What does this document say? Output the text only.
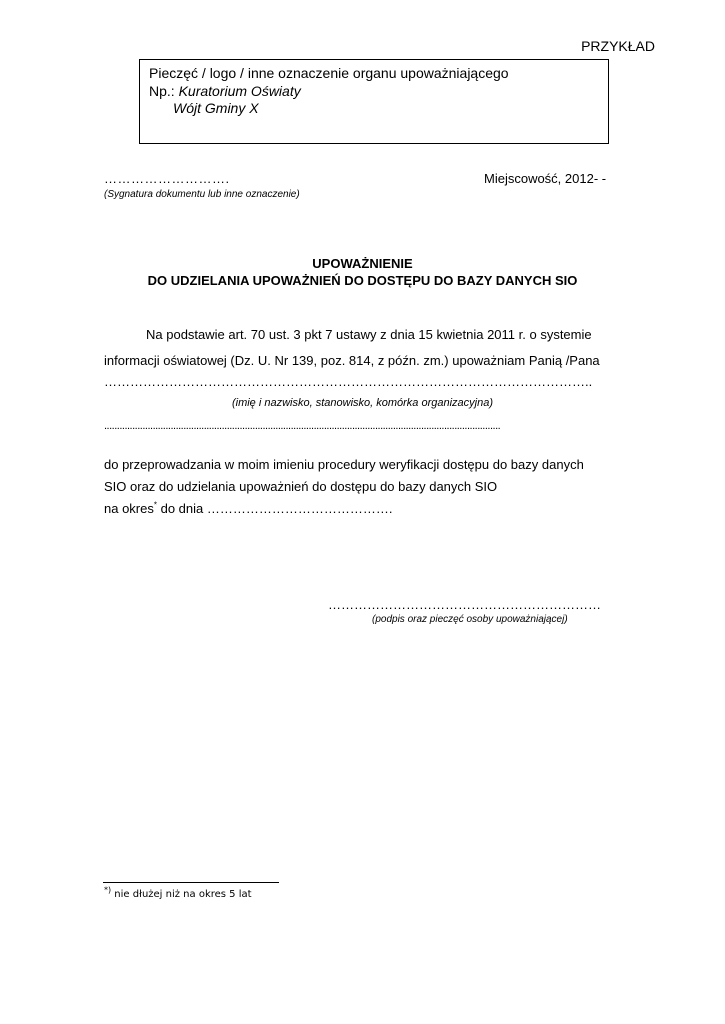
PRZYKŁAD
Pieczęć / logo / inne oznaczenie organu upoważniającego
Np.: Kuratorium Oświaty
Wójt Gminy X
……………………….
(Sygnatura dokumentu lub inne oznaczenie)
Miejscowość, 2012- -
UPOWAŻNIENIE
DO UDZIELANIA UPOWAŻNIEŃ DO DOSTĘPU DO BAZY DANYCH SIO
Na podstawie art. 70 ust. 3 pkt 7 ustawy z dnia 15 kwietnia 2011 r. o systemie
informacji oświatowej (Dz. U. Nr 139, poz. 814, z późn. zm.) upoważniam Panią /Pana
…………………………………………………………………………………………………..
(imię i nazwisko, stanowisko, komórka organizacyjna)
...........................................................................................................................................................
do przeprowadzania w moim imieniu procedury weryfikacji dostępu do bazy danych
SIO oraz do udzielania upoważnień do dostępu do bazy danych SIO
na okres* do dnia …………………………………….
………………………………………………………
(podpis oraz pieczęć osoby upoważniającej)
*) nie dłużej niż na okres 5 lat
